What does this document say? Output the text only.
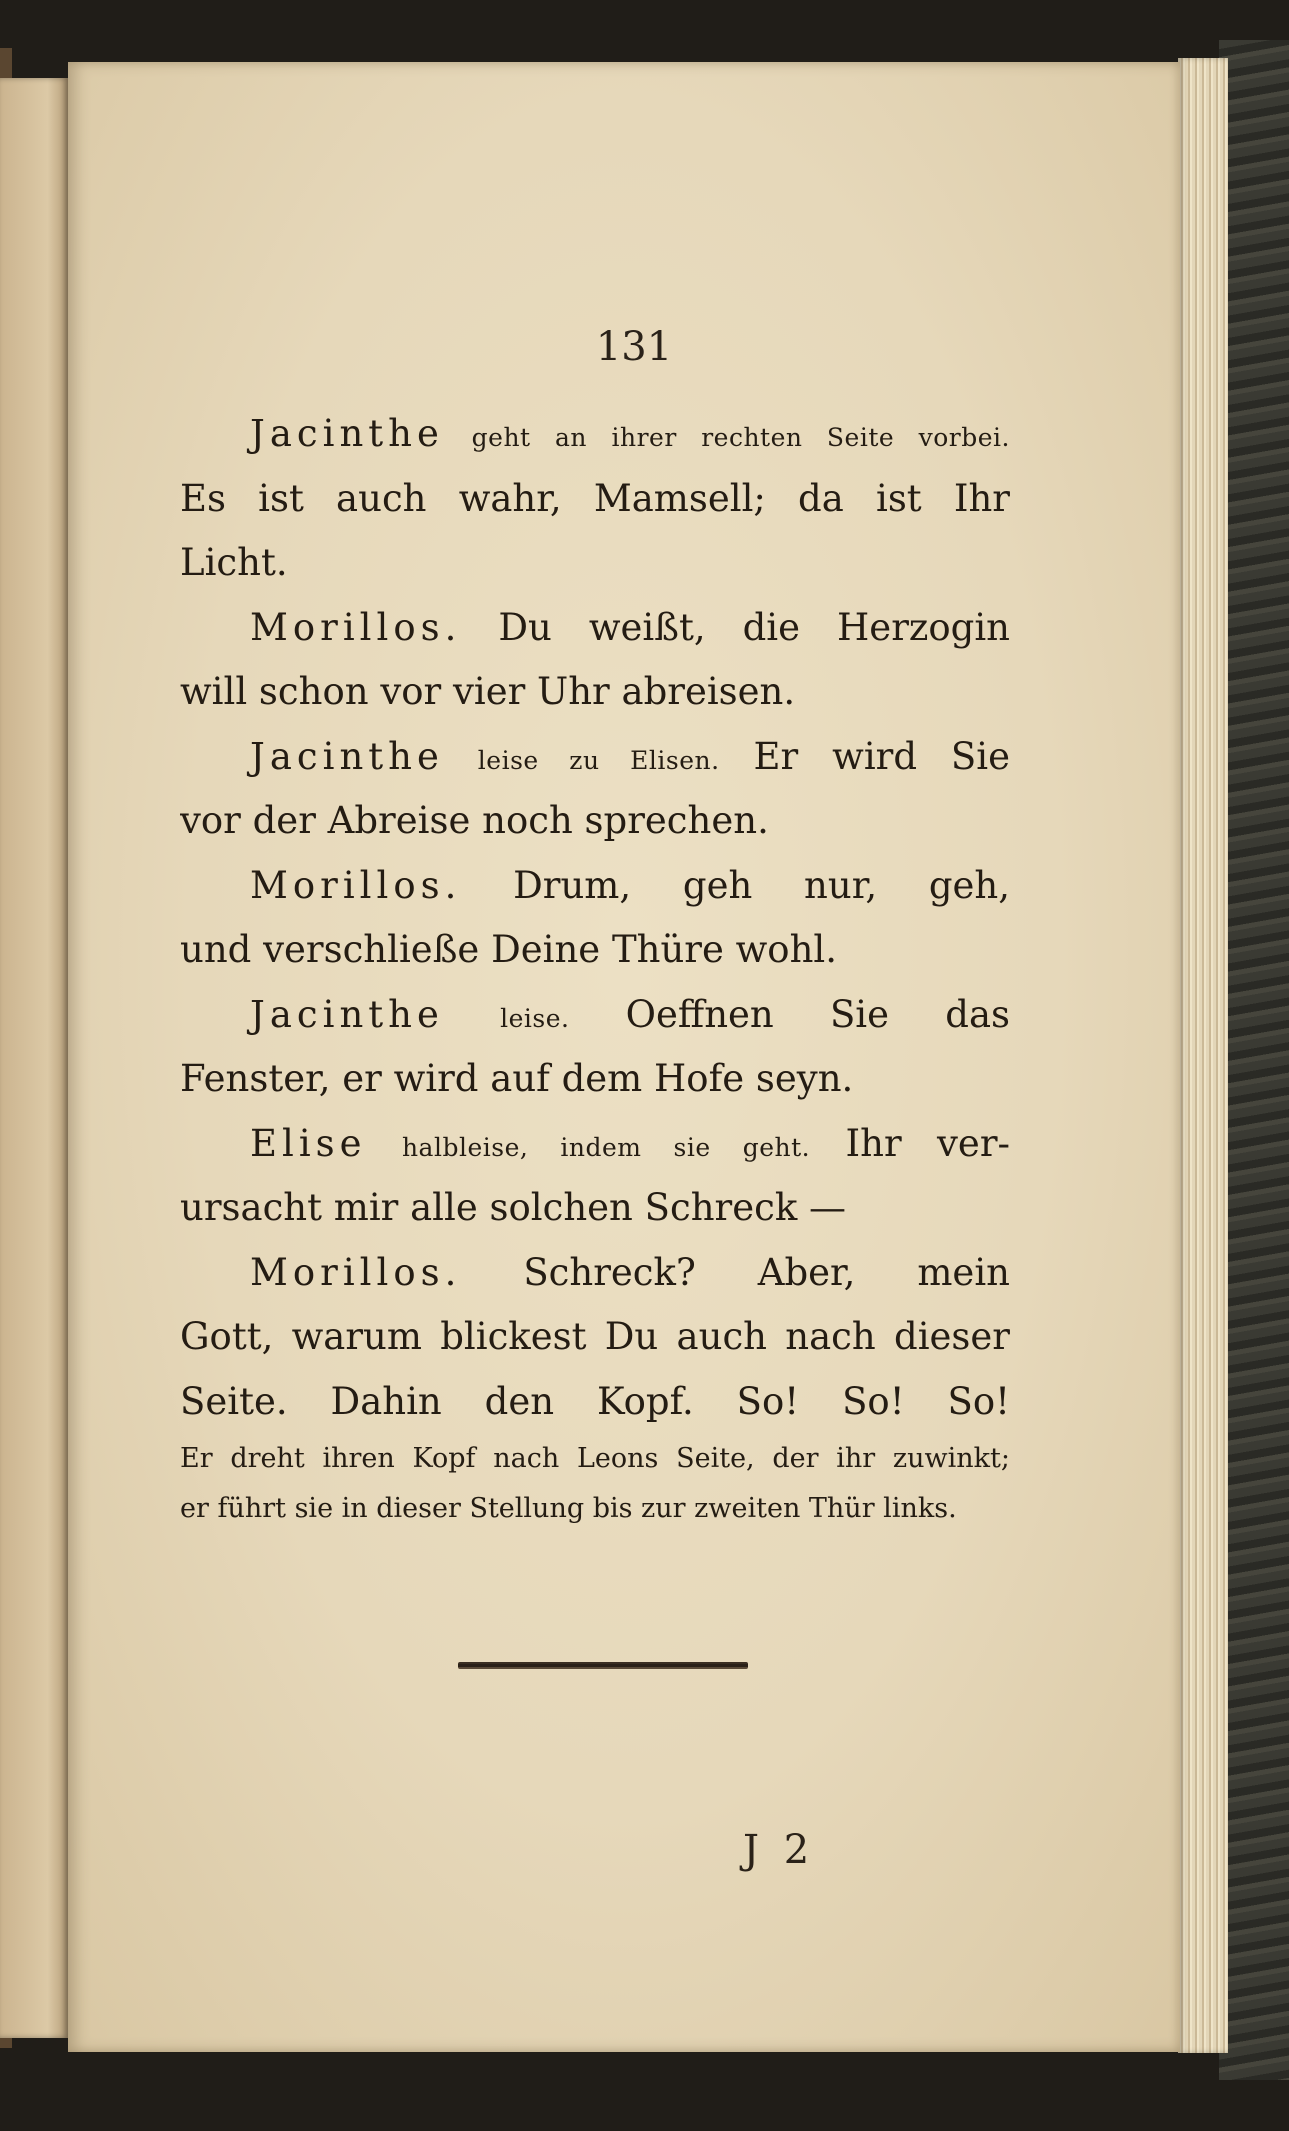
131
Jacinthe geht an ihrer rechten Seite vorbei.
Es ist auch wahr, Mamsell; da ist Ihr
Licht.
Morillos. Du weißt, die Herzogin
will schon vor vier Uhr abreisen.
Jacinthe leise zu Elisen. Er wird Sie
vor der Abreise noch sprechen.
Morillos. Drum, geh nur, geh,
und verschließe Deine Thüre wohl.
Jacinthe leise. Oeffnen Sie das
Fenster, er wird auf dem Hofe seyn.
Elise halbleise, indem sie geht. Ihr ver-
ursacht mir alle solchen Schreck —
Morillos. Schreck? Aber, mein
Gott, warum blickest Du auch nach dieser
Seite. Dahin den Kopf. So! So! So!
Er dreht ihren Kopf nach Leons Seite, der ihr zuwinkt;
er führt sie in dieser Stellung bis zur zweiten Thür links.
J 2
